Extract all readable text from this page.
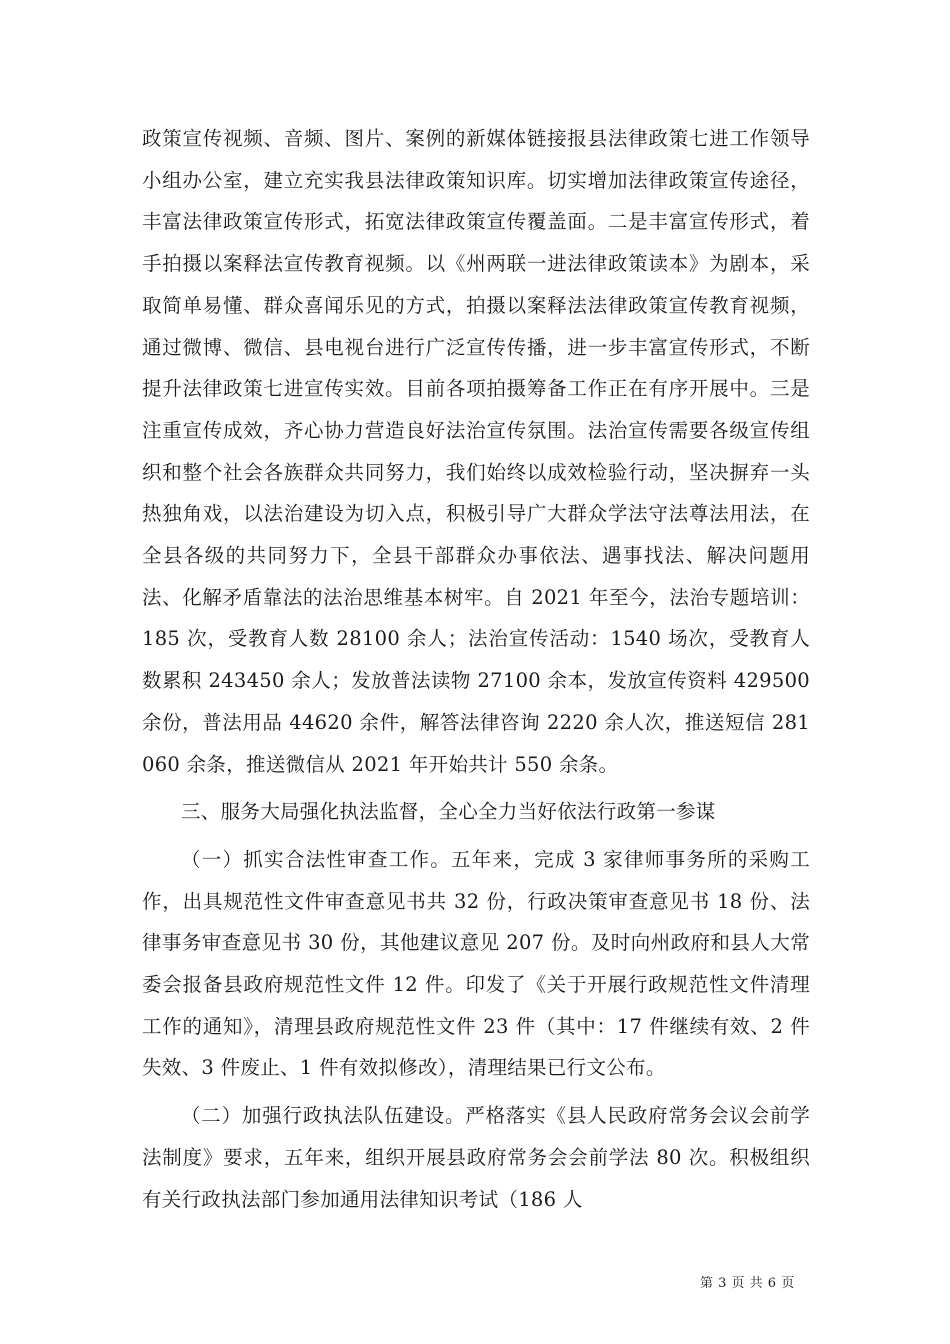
政策宣传视频、音频、图片、案例的新媒体链接报县法律政策七进工作领导小组办公室，建立充实我县法律政策知识库。切实增加法律政策宣传途径，丰富法律政策宣传形式，拓宽法律政策宣传覆盖面。二是丰富宣传形式，着手拍摄以案释法宣传教育视频。以《州两联一进法律政策读本》为剧本，采取简单易懂、群众喜闻乐见的方式，拍摄以案释法法律政策宣传教育视频，通过微博、微信、县电视台进行广泛宣传传播，进一步丰富宣传形式，不断提升法律政策七进宣传实效。目前各项拍摄筹备工作正在有序开展中。三是注重宣传成效，齐心协力营造良好法治宣传氛围。法治宣传需要各级宣传组织和整个社会各族群众共同努力，我们始终以成效检验行动，坚决摒弃一头热独角戏，以法治建设为切入点，积极引导广大群众学法守法尊法用法，在全县各级的共同努力下，全县干部群众办事依法、遇事找法、解决问题用法、化解矛盾靠法的法治思维基本树牢。自 2021 年至今，法治专题培训：185 次，受教育人数 28100 余人；法治宣传活动：1540 场次，受教育人数累积 243450 余人；发放普法读物 27100 余本，发放宣传资料 429500 余份，普法用品 44620 余件，解答法律咨询 2220 余人次，推送短信 281060 余条，推送微信从 2021 年开始共计 550 余条。

三、服务大局强化执法监督，全心全力当好依法行政第一参谋

（一）抓实合法性审查工作。五年来，完成 3 家律师事务所的采购工作，出具规范性文件审查意见书共 32 份，行政决策审查意见书 18 份、法律事务审查意见书 30 份，其他建议意见 207 份。及时向州政府和县人大常委会报备县政府规范性文件 12 件。印发了《关于开展行政规范性文件清理工作的通知》，清理县政府规范性文件 23 件（其中：17 件继续有效、2 件失效、3 件废止、1 件有效拟修改），清理结果已行文公布。

（二）加强行政执法队伍建设。严格落实《县人民政府常务会议会前学法制度》要求，五年来，组织开展县政府常务会会前学法 80 次。积极组织有关行政执法部门参加通用法律知识考试（186 人

第 3 页 共 6 页
